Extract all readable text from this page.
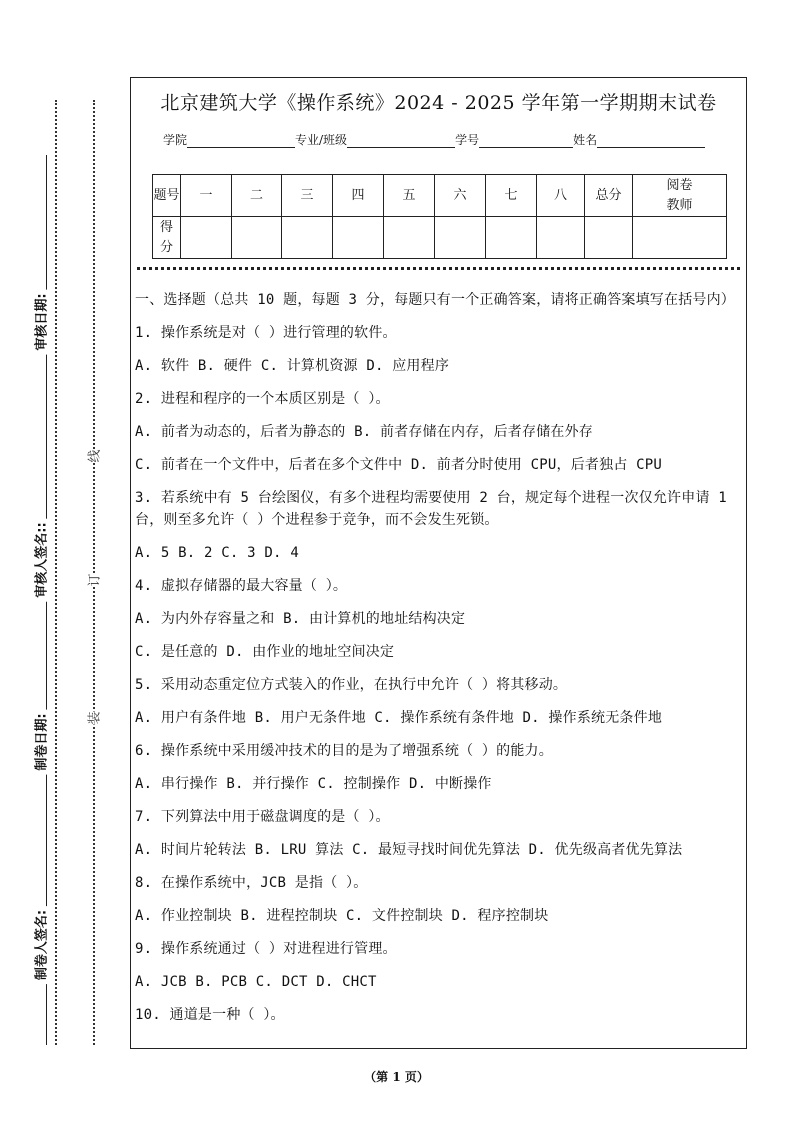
审核日期:
审核人签名::
制卷日期:
制卷人签名:
线
订
装
北京建筑大学《操作系统》2024 - 2025 学年第一学期期末试卷
学院	专业/班级	学号	姓名
题号	一	二	三	四	五	六	七	八	总分	阅卷教师
得分										

一、选择题（总共 10 题，每题 3 分，每题只有一个正确答案，请将正确答案填写在括号内）

1. 操作系统是对（ ）进行管理的软件。

A. 软件 B. 硬件 C. 计算机资源 D. 应用程序

2. 进程和程序的一个本质区别是（ ）。

A. 前者为动态的，后者为静态的 B. 前者存储在内存，后者存储在外存

C. 前者在一个文件中，后者在多个文件中 D. 前者分时使用 CPU，后者独占 CPU

3. 若系统中有 5 台绘图仪，有多个进程均需要使用 2 台，规定每个进程一次仅允许申请 1 台，则至多允许（ ）个进程参于竞争，而不会发生死锁。

A. 5 B. 2 C. 3 D. 4

4. 虚拟存储器的最大容量（ ）。

A. 为内外存容量之和 B. 由计算机的地址结构决定

C. 是任意的 D. 由作业的地址空间决定

5. 采用动态重定位方式装入的作业，在执行中允许（ ）将其移动。

A. 用户有条件地 B. 用户无条件地 C. 操作系统有条件地 D. 操作系统无条件地

6. 操作系统中采用缓冲技术的目的是为了增强系统（ ）的能力。

A. 串行操作 B. 并行操作 C. 控制操作 D. 中断操作

7. 下列算法中用于磁盘调度的是（ ）。

A. 时间片轮转法 B. LRU 算法 C. 最短寻找时间优先算法 D. 优先级高者优先算法

8. 在操作系统中，JCB 是指（ ）。

A. 作业控制块 B. 进程控制块 C. 文件控制块 D. 程序控制块

9. 操作系统通过（ ）对进程进行管理。

A. JCB B. PCB C. DCT D. CHCT

10. 通道是一种（ ）。

（第 1 页）
